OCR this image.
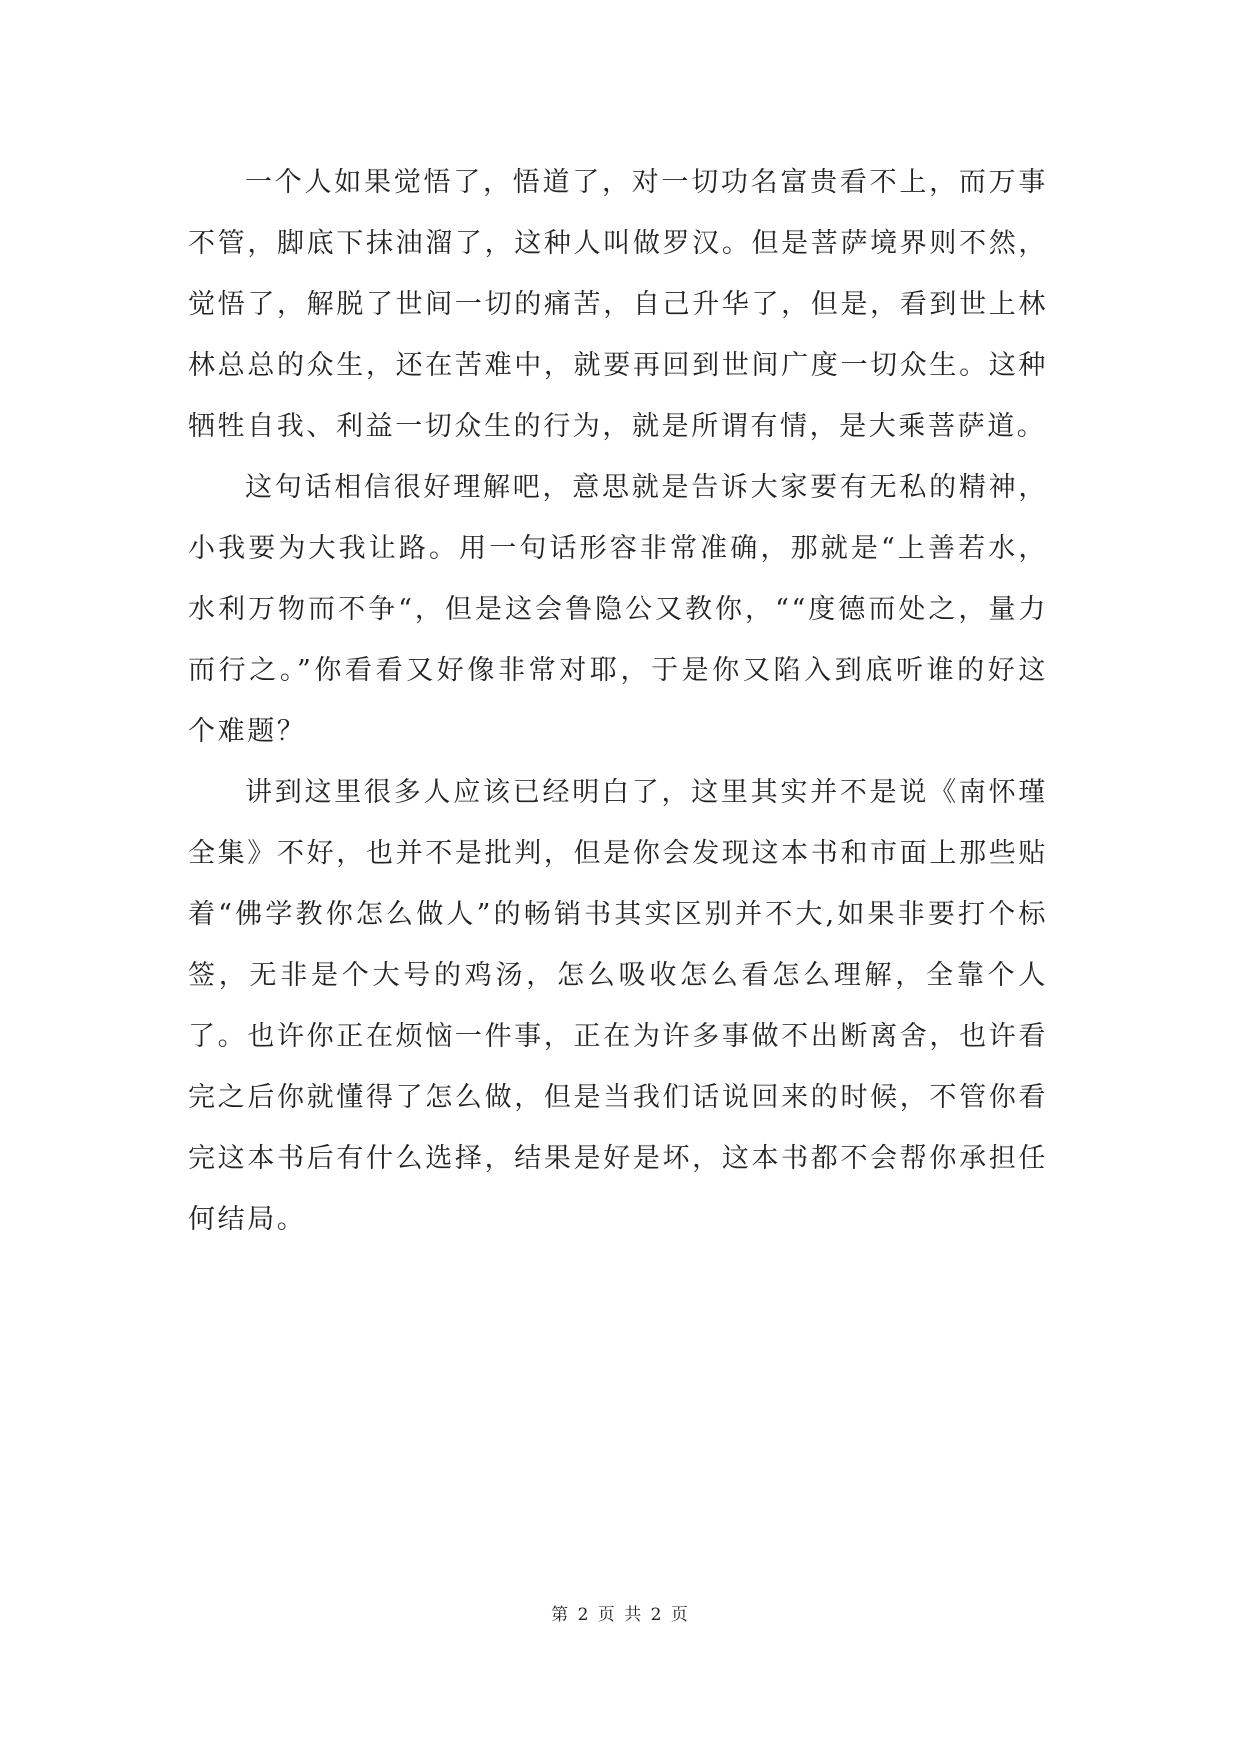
一个人如果觉悟了，悟道了，对一切功名富贵看不上，而万事不管，脚底下抹油溜了，这种人叫做罗汉。但是菩萨境界则不然，觉悟了，解脱了世间一切的痛苦，自己升华了，但是，看到世上林林总总的众生，还在苦难中，就要再回到世间广度一切众生。这种牺牲自我、利益一切众生的行为，就是所谓有情，是大乘菩萨道。

这句话相信很好理解吧，意思就是告诉大家要有无私的精神，小我要为大我让路。用一句话形容非常准确，那就是“上善若水，水利万物而不争“，但是这会鲁隐公又教你，““度德而处之，量力而行之。”你看看又好像非常对耶，于是你又陷入到底听谁的好这个难题？

讲到这里很多人应该已经明白了，这里其实并不是说《南怀瑾全集》不好，也并不是批判，但是你会发现这本书和市面上那些贴着“佛学教你怎么做人”的畅销书其实区别并不大,如果非要打个标签，无非是个大号的鸡汤，怎么吸收怎么看怎么理解，全靠个人了。也许你正在烦恼一件事，正在为许多事做不出断离舍，也许看完之后你就懂得了怎么做，但是当我们话说回来的时候，不管你看完这本书后有什么选择，结果是好是坏，这本书都不会帮你承担任何结局。

第 2 页 共 2 页
